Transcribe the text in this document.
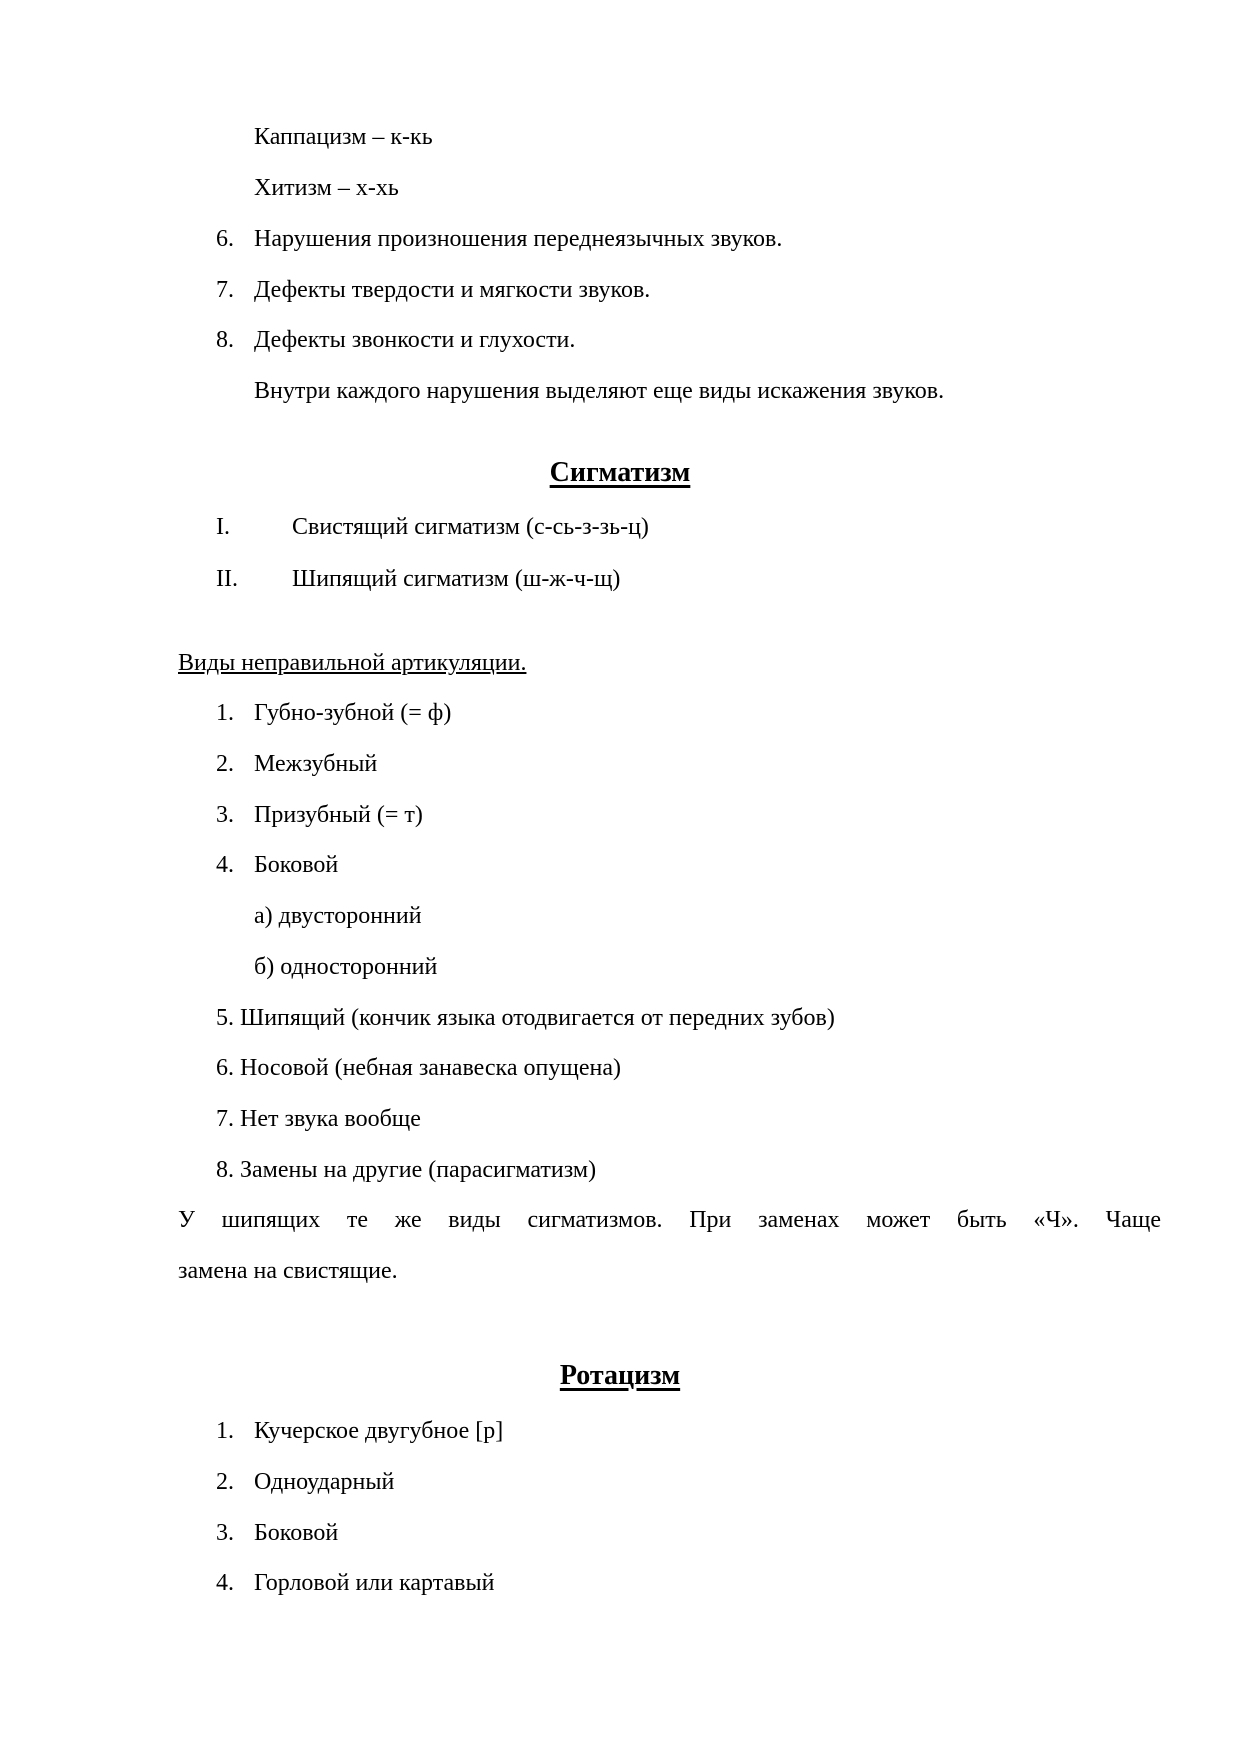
Каппацизм – к-кь
Хитизм – х-хь
6. Нарушения произношения переднеязычных звуков.
7. Дефекты твердости и мягкости звуков.
8. Дефекты звонкости и глухости.
Внутри каждого нарушения выделяют еще виды искажения звуков.
Сигматизм
I.	Свистящий сигматизм (с-сь-з-зь-ц)
II. Шипящий сигматизм (ш-ж-ч-щ)
Виды неправильной артикуляции.
1. Губно-зубной (= ф)
2. Межзубный
3. Призубный (= т)
4. Боковой
а) двусторонний
б) односторонний
5. Шипящий (кончик языка отодвигается от передних зубов)
6. Носовой (небная занавеска опущена)
7. Нет звука вообще
8. Замены на другие (парасигматизм)
У шипящих те же виды сигматизмов. При заменах может быть «Ч». Чаще
замена на свистящие.
Ротацизм
1. Кучерское двугубное [р]
2. Одноударный
3. Боковой
4. Горловой или картавый
